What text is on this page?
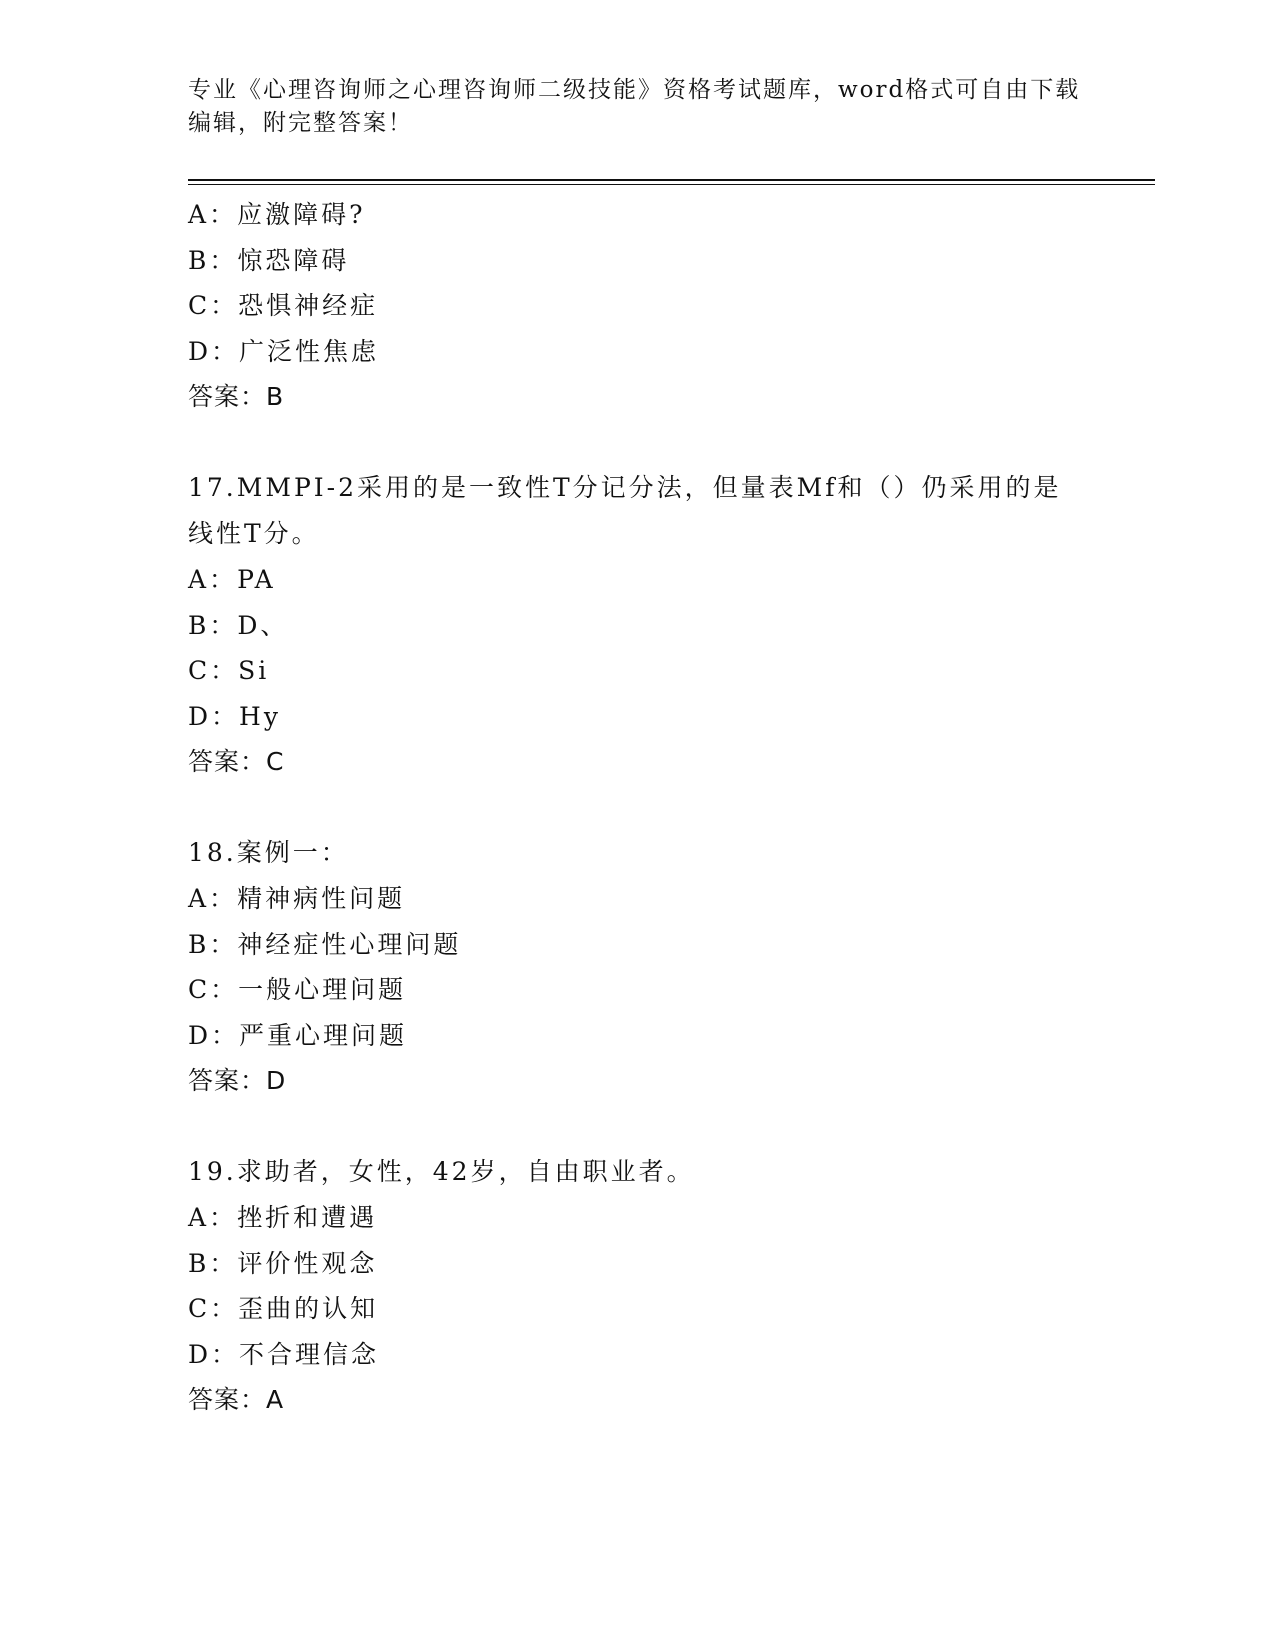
专业《心理咨询师之心理咨询师二级技能》资格考试题库，word格式可自由下载
编辑，附完整答案！
A：应激障碍?
B：惊恐障碍
C：恐惧神经症
D：广泛性焦虑
答案：B
17.MMPI-2采用的是一致性T分记分法，但量表Mf和（）仍采用的是
线性T分。
A：PA
B：D、
C：Si
D：Hy
答案：C
18.案例一：
A：精神病性问题
B：神经症性心理问题
C：一般心理问题
D：严重心理问题
答案：D
19.求助者，女性，42岁，自由职业者。
A：挫折和遭遇
B：评价性观念
C：歪曲的认知
D：不合理信念
答案：A
